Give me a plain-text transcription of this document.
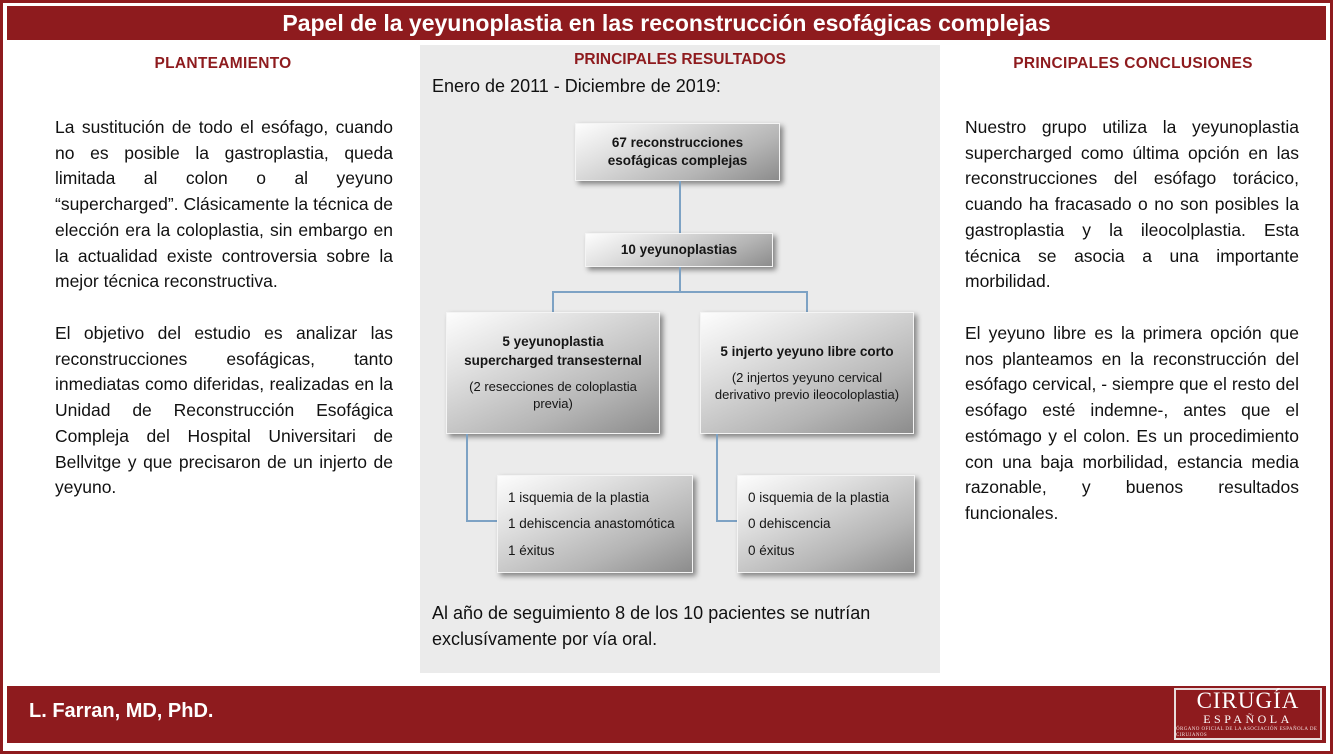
Papel de la yeyunoplastia en las reconstrucción esofágicas complejas
PLANTEAMIENTO

La sustitución de todo el esófago, cuando no es posible la gastroplastia, queda limitada al colon o al yeyuno “supercharged”. Clásicamente la técnica de elección era la coloplastia, sin embargo en la actualidad existe controversia sobre la mejor técnica reconstructiva.

El objetivo del estudio es analizar las reconstrucciones esofágicas, tanto inmediatas como diferidas, realizadas en la Unidad de Reconstrucción Esofágica Compleja del Hospital Universitari de Bellvitge y que precisaron de un injerto de yeyuno.

PRINCIPALES RESULTADOS
Enero de 2011 - Diciembre de 2019:
67 reconstrucciones esofágicas complejas
10 yeyunoplastias
5 yeyunoplastia supercharged transesternal
(2 resecciones de coloplastia previa)
5 injerto yeyuno libre corto
(2 injertos yeyuno cervical derivativo previo ileocoloplastia)
1 isquemia de la plastia
1 dehiscencia anastomótica
1 éxitus
0 isquemia de la plastia
0 dehiscencia
0 éxitus
Al año de seguimiento 8 de los 10 pacientes se nutrían exclusívamente por vía oral.
PRINCIPALES CONCLUSIONES

Nuestro grupo utiliza la yeyunoplastia supercharged como última opción en las reconstrucciones del esófago torácico, cuando ha fracasado o no son posibles la gastroplastia y la ileocolplastia. Esta técnica se asocia a una importante morbilidad.

El yeyuno libre es la primera opción que nos planteamos en la reconstrucción del esófago cervical, - siempre que el resto del esófago esté indemne-, antes que el estómago y el colon. Es un procedimiento con una baja morbilidad, estancia media razonable, y buenos resultados funcionales.

L. Farran, MD, PhD.	CIRUGÍA
ESPAÑOLA
ÓRGANO OFICIAL DE LA ASOCIACIÓN ESPAÑOLA DE CIRUJANOS
